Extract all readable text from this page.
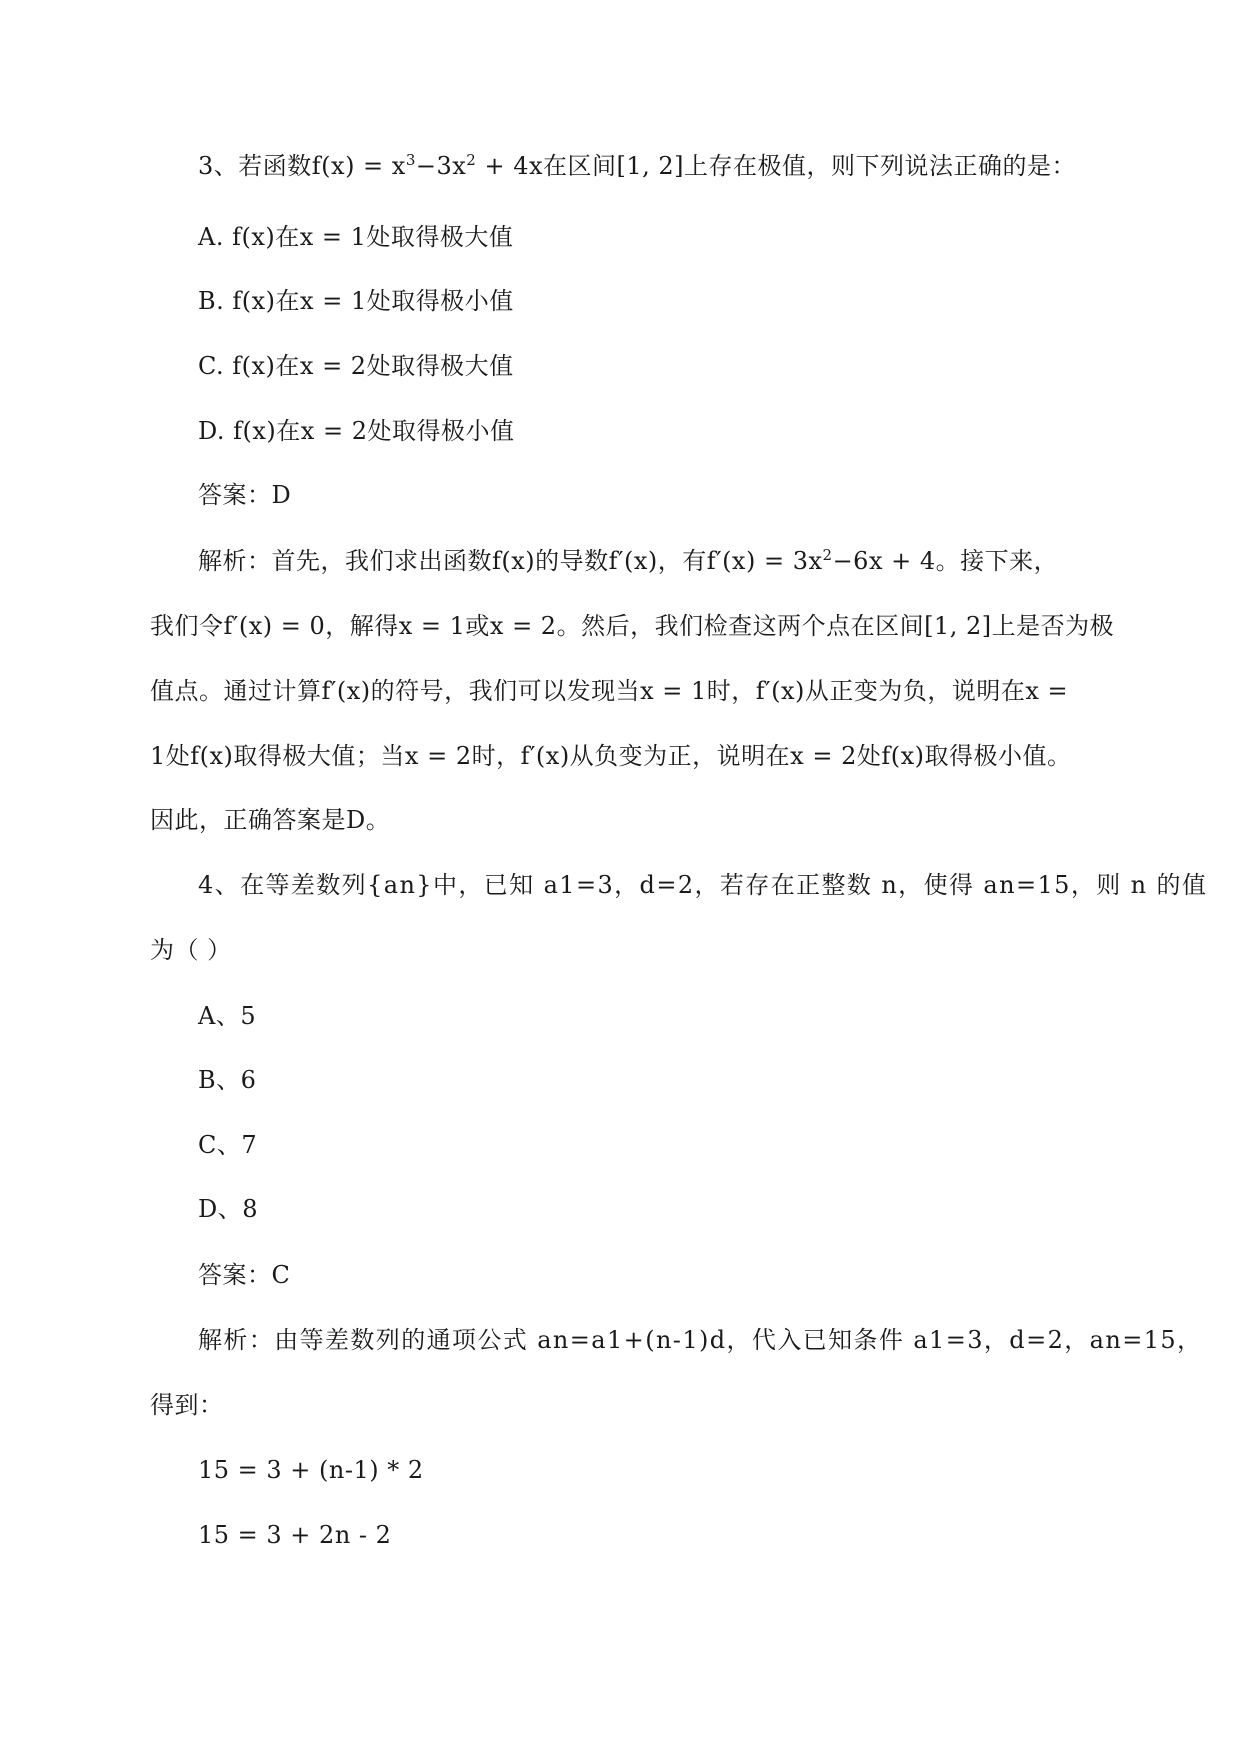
3、若函数$f(x) = x^3-3x^2 + 4x$在区间[1, 2]上存在极值，则下列说法正确的是：
A. f(x)在x = 1处取得极大值
B. f(x)在x = 1处取得极小值
C. f(x)在x = 2处取得极大值
D. f(x)在x = 2处取得极小值
答案：D
解析：首先，我们求出函数f(x)的导数f′(x)，有$f'(x) = 3x^2-6x + 4$。接下来，
我们令f′(x) = 0，解得x = 1或x = 2。然后，我们检查这两个点在区间[1, 2]上是否为极
值点。通过计算f′(x)的符号，我们可以发现当x = 1时，f′(x)从正变为负，说明在x =
1处f(x)取得极大值；当x = 2时，f′(x)从负变为正，说明在x = 2处f(x)取得极小值。
因此，正确答案是D。
4、在等差数列{an}中，已知 a1=3，d=2，若存在正整数 n，使得 an=15，则 n 的值
为（ ）
A、5
B、6
C、7
D、8
答案：C
解析：由等差数列的通项公式 an=a1+(n-1)d，代入已知条件 a1=3，d=2，an=15，
得到：
15 = 3 + (n-1) * 2
15 = 3 + 2n - 2
